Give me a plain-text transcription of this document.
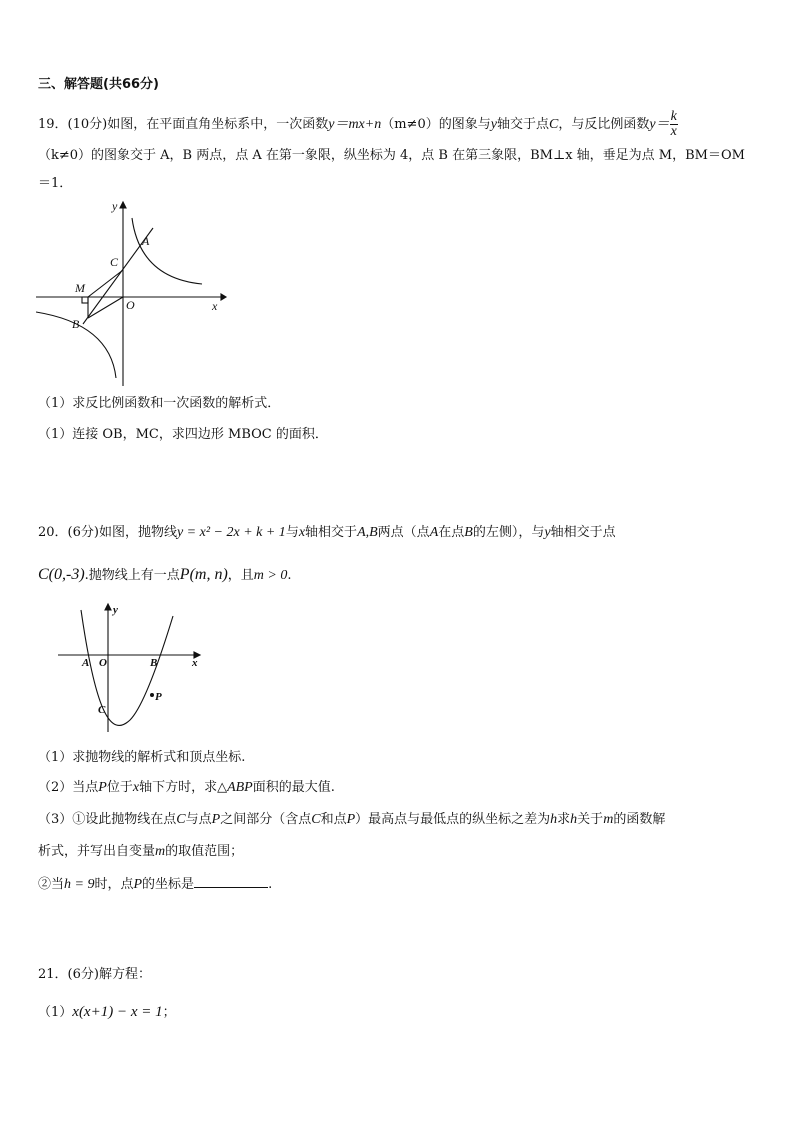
三、解答题(共66分)
19．(10分)如图，在平面直角坐标系中，一次函数y＝mx+n（m≠0）的图象与y轴交于点C，与反比例函数$y= \frac{k}{x}$
（k≠0）的图象交于 A，B 两点，点 A 在第一象限，纵坐标为 4，点 B 在第三象限，BM⊥x 轴，垂足为点 M，BM＝OM
＝1．
y
x
O
A
B
C
M
（1）求反比例函数和一次函数的解析式．
（1）连接 OB，MC，求四边形 MBOC 的面积．
20．(6分)如图，抛物线y = x² − 2x + k + 1与x轴相交于A,B两点（点A在点B的左侧），与y轴相交于点
C(0,-3).抛物线上有一点P(m, n)，且m > 0.
y
x
O
A	B
C
P
（1）求抛物线的解析式和顶点坐标.
（2）当点P位于x轴下方时，求△ABP面积的最大值.
（3）①设此抛物线在点C与点P之间部分（含点C和点P）最高点与最低点的纵坐标之差为h求h关于m的函数解
析式，并写出自变量m的取值范围；
②当h = 9时，点P的坐标是	.
21．(6分)解方程：
（1）x(x+1) − x = 1；
